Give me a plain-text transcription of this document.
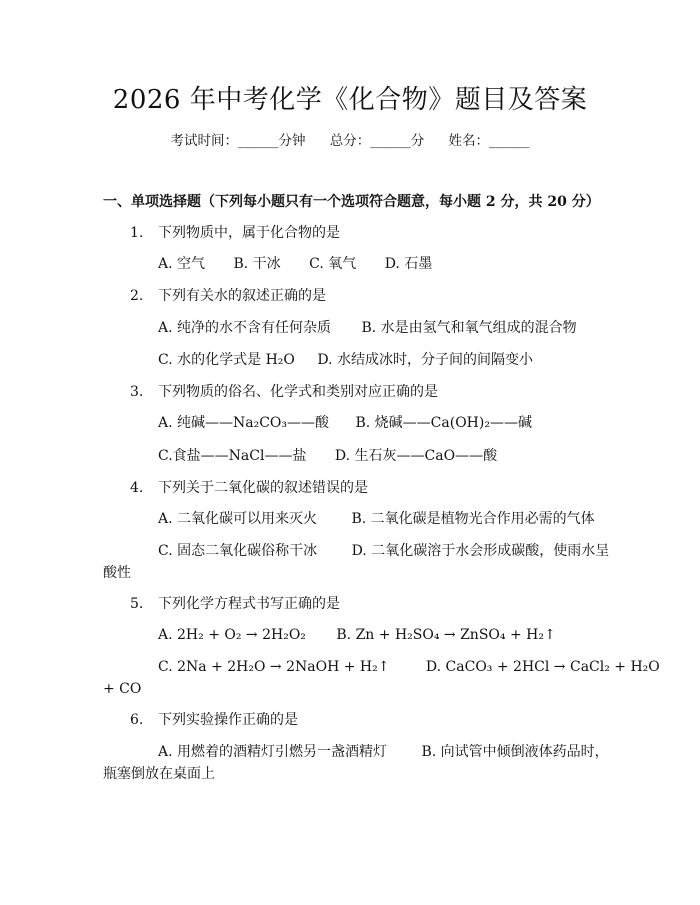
2026 年中考化学《化合物》题目及答案
考试时间：______分钟 总分：______分 姓名：______
一、单项选择题（下列每小题只有一个选项符合题意，每小题 2 分，共 20 分）
1. 下列物质中，属于化合物的是
A. 空气 B. 干冰 C. 氧气 D. 石墨
2. 下列有关水的叙述正确的是
A. 纯净的水不含有任何杂质 B. 水是由氢气和氧气组成的混合物
C. 水的化学式是 H₂O D. 水结成冰时，分子间的间隔变小
3. 下列物质的俗名、化学式和类别对应正确的是
A. 纯碱——Na₂CO₃——酸 B. 烧碱——Ca(OH)₂——碱
C.食盐——NaCl——盐 D. 生石灰——CaO——酸
4. 下列关于二氧化碳的叙述错误的是
A. 二氧化碳可以用来灭火 B. 二氧化碳是植物光合作用必需的气体
C. 固态二氧化碳俗称干冰 D. 二氧化碳溶于水会形成碳酸，使雨水呈
酸性
5. 下列化学方程式书写正确的是
A. 2H₂ + O₂ → 2H₂O₂ B. Zn + H₂SO₄ → ZnSO₄ + H₂↑
C. 2Na + 2H₂O → 2NaOH + H₂↑	D. CaCO₃ + 2HCl → CaCl₂ + H₂O
+ CO
6. 下列实验操作正确的是
A. 用燃着的酒精灯引燃另一盏酒精灯 B. 向试管中倾倒液体药品时，
瓶塞倒放在桌面上
